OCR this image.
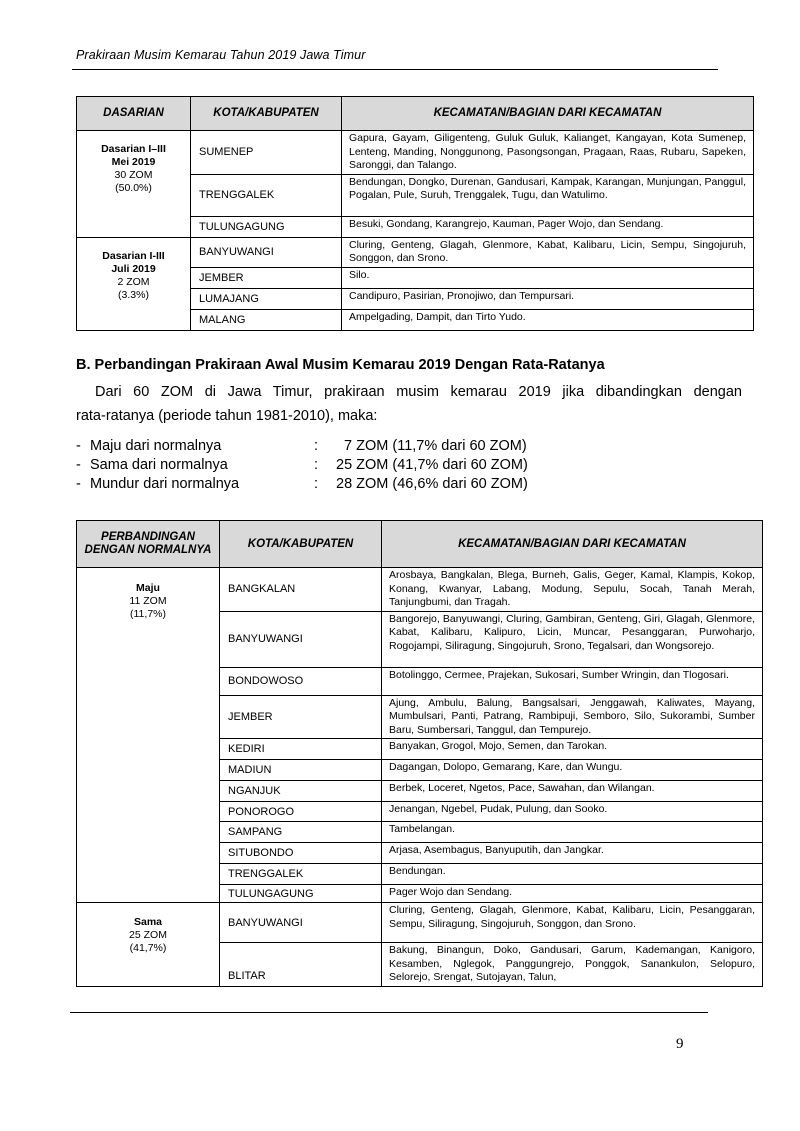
Prakiraan Musim Kemarau Tahun 2019 Jawa Timur
DASARIAN	KOTA/KABUPATEN	KECAMATAN/BAGIAN DARI KECAMATAN

Dasarian I–III
Mei 2019
30 ZOM
(50.0%)	SUMENEP	Gapura, Gayam, Giligenteng, Guluk Guluk, Kalianget, Kangayan, Kota Sumenep, Lenteng, Manding, Nonggunong, Pasongsongan, Pragaan, Raas, Rubaru, Sapeken, Saronggi, dan Talango.
	TRENGGALEK	Bendungan, Dongko, Durenan, Gandusari, Kampak, Karangan, Munjungan, Panggul, Pogalan, Pule, Suruh, Trenggalek, Tugu, dan Watulimo.
	TULUNGAGUNG	Besuki, Gondang, Karangrejo, Kauman, Pager Wojo, dan Sendang.

Dasarian I-III
Juli 2019
2 ZOM
(3.3%)	BANYUWANGI	Cluring, Genteng, Glagah, Glenmore, Kabat, Kalibaru, Licin, Sempu, Singojuruh, Songgon, dan Srono.
	JEMBER	Silo.
	LUMAJANG	Candipuro, Pasirian, Pronojiwo, dan Tempursari.
	MALANG	Ampelgading, Dampit, dan Tirto Yudo.
B. Perbandingan Prakiraan Awal Musim Kemarau 2019 Dengan Rata-Ratanya
Dari 60 ZOM di Jawa Timur, prakiraan musim kemarau 2019 jika dibandingkan dengan
rata-ratanya (periode tahun 1981-2010), maka:
- Maju dari normalnya	: 7 ZOM (11,7% dari 60 ZOM)
- Sama dari normalnya	: 25 ZOM (41,7% dari 60 ZOM)
- Mundur dari normalnya	: 28 ZOM (46,6% dari 60 ZOM)
PERBANDINGAN DENGAN NORMALNYA	KOTA/KABUPATEN	KECAMATAN/BAGIAN DARI KECAMATAN

Maju
11 ZOM
(11,7%)	BANGKALAN	Arosbaya, Bangkalan, Blega, Burneh, Galis, Geger, Kamal, Klampis, Kokop, Konang, Kwanyar, Labang, Modung, Sepulu, Socah, Tanah Merah, Tanjungbumi, dan Tragah.
	BANYUWANGI	Bangorejo, Banyuwangi, Cluring, Gambiran, Genteng, Giri, Glagah, Glenmore, Kabat, Kalibaru, Kalipuro, Licin, Muncar, Pesanggaran, Purwoharjo, Rogojampi, Siliragung, Singojuruh, Srono, Tegalsari, dan Wongsorejo.
	BONDOWOSO	Botolinggo, Cermee, Prajekan, Sukosari, Sumber Wringin, dan Tlogosari.
	JEMBER	Ajung, Ambulu, Balung, Bangsalsari, Jenggawah, Kaliwates, Mayang, Mumbulsari, Panti, Patrang, Rambipuji, Semboro, Silo, Sukorambi, Sumber Baru, Sumbersari, Tanggul, dan Tempurejo.
	KEDIRI	Banyakan, Grogol, Mojo, Semen, dan Tarokan.
	MADIUN	Dagangan, Dolopo, Gemarang, Kare, dan Wungu.
	NGANJUK	Berbek, Loceret, Ngetos, Pace, Sawahan, dan Wilangan.
	PONOROGO	Jenangan, Ngebel, Pudak, Pulung, dan Sooko.
	SAMPANG	Tambelangan.
	SITUBONDO	Arjasa, Asembagus, Banyuputih, dan Jangkar.
	TRENGGALEK	Bendungan.
	TULUNGAGUNG	Pager Wojo dan Sendang.

Sama
25 ZOM
(41,7%)	BANYUWANGI	Cluring, Genteng, Glagah, Glenmore, Kabat, Kalibaru, Licin, Pesanggaran, Sempu, Siliragung, Singojuruh, Songgon, dan Srono.
	BLITAR	Bakung, Binangun, Doko, Gandusari, Garum, Kademangan, Kanigoro, Kesamben, Nglegok, Panggungrejo, Ponggok, Sanankulon, Selopuro, Selorejo, Srengat, Sutojayan, Talun,
9
